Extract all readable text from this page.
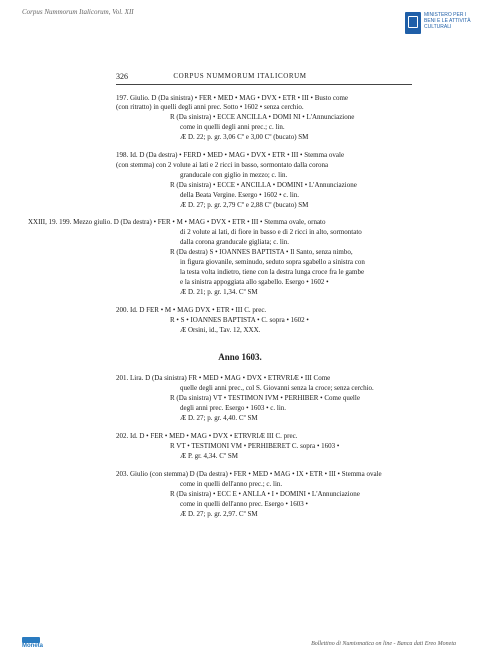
Corpus Nummorum Italicorum, Vol. XII	MINISTERO PER I BENI E LE ATTIVITÀ CULTURALI
326	CORPUS NUMMORUM ITALICORUM
197. Giulio. D (Da sinistra) • FER • MED • MAG • DVX • ETR • III • Busto come
(con ritratto) in quelli degli anni prec. Sotto • 1602 • senza cerchio.
R (Da sinistra) • ECCE ANCILLA • DOMI NI • L'Annunciazione
come in quelli degli anni prec.; c. lin.
Æ D. 22; p. gr. 3,06 Cº e 3,00 Cº (bucato) SM
198. Id. D (Da destra) • FERD • MED • MAG • DVX • ETR • III • Stemma ovale
(con stemma) con 2 volute ai lati e 2 ricci in basso, sormontato dalla corona
granducale con giglio in mezzo; c. lin.
R (Da sinistra) • ECCE • ANCILLA • DOMINI • L'Annunciazione
della Beata Vergine. Esergo • 1602 • c. lin.
Æ D. 27; p. gr. 2,79 Cº e 2,88 Cº (bucato) SM
XXIII, 19. 199. Mezzo giulio. D (Da destra) • FER • M • MAG • DVX • ETR • III • Stemma ovale, ornato
di 2 volute ai lati, di fiore in basso e di 2 ricci in alto, sormontato
dalla corona granducale gigliata; c. lin.
R (Da destra) S • IOANNES BAPTISTA • Il Santo, senza nimbo,
in figura giovanile, seminudo, seduto sopra sgabello a sinistra con
la testa volta indietro, tiene con la destra lunga croce fra le gambe
e la sinistra appoggiata allo sgabello. Esergo • 1602 •
Æ D. 21; p. gr. 1,34. Cº SM
200. Id. D FER • M • MAG DVX • ETR • III C. prec.
R • S • IOANNES BAPTISTA • C. sopra • 1602 •
Æ Orsini, id., Tav. 12, XXX.
Anno 1603.
201. Lira. D (Da sinistra) FR • MED • MAG • DVX • ETRVRIÆ • III Come
quelle degli anni prec., col S. Giovanni senza la croce; senza cerchio.
R (Da sinistra) VT • TESTIMON IVM • PERHIBER • Come quelle
degli anni prec. Esergo • 1603 • c. lin.
Æ D. 27; p. gr. 4,40. Cº SM
202. Id. D • FER • MED • MAG • DVX • ETRVRIÆ III C. prec.
R VT • TESTIMONI VM • PERHIBERET C. sopra • 1603 •
Æ P. gr. 4,34. Cº SM
203. Giulio (con stemma) D (Da destra) • FER • MED • MAG • IX • ETR • III • Stemma ovale
come in quelli dell'anno prec.; c. lin.
R (Da sinistra) • ECC E • ANLLA • I • DOMINI • L'Annunciazione
come in quelli dell'anno prec. Esergo • 1603 •
Æ D. 27; p. gr. 2,97. Cº SM
Moneta	Bollettino di Numismatica on line - Banca dati Ereo Moneta
